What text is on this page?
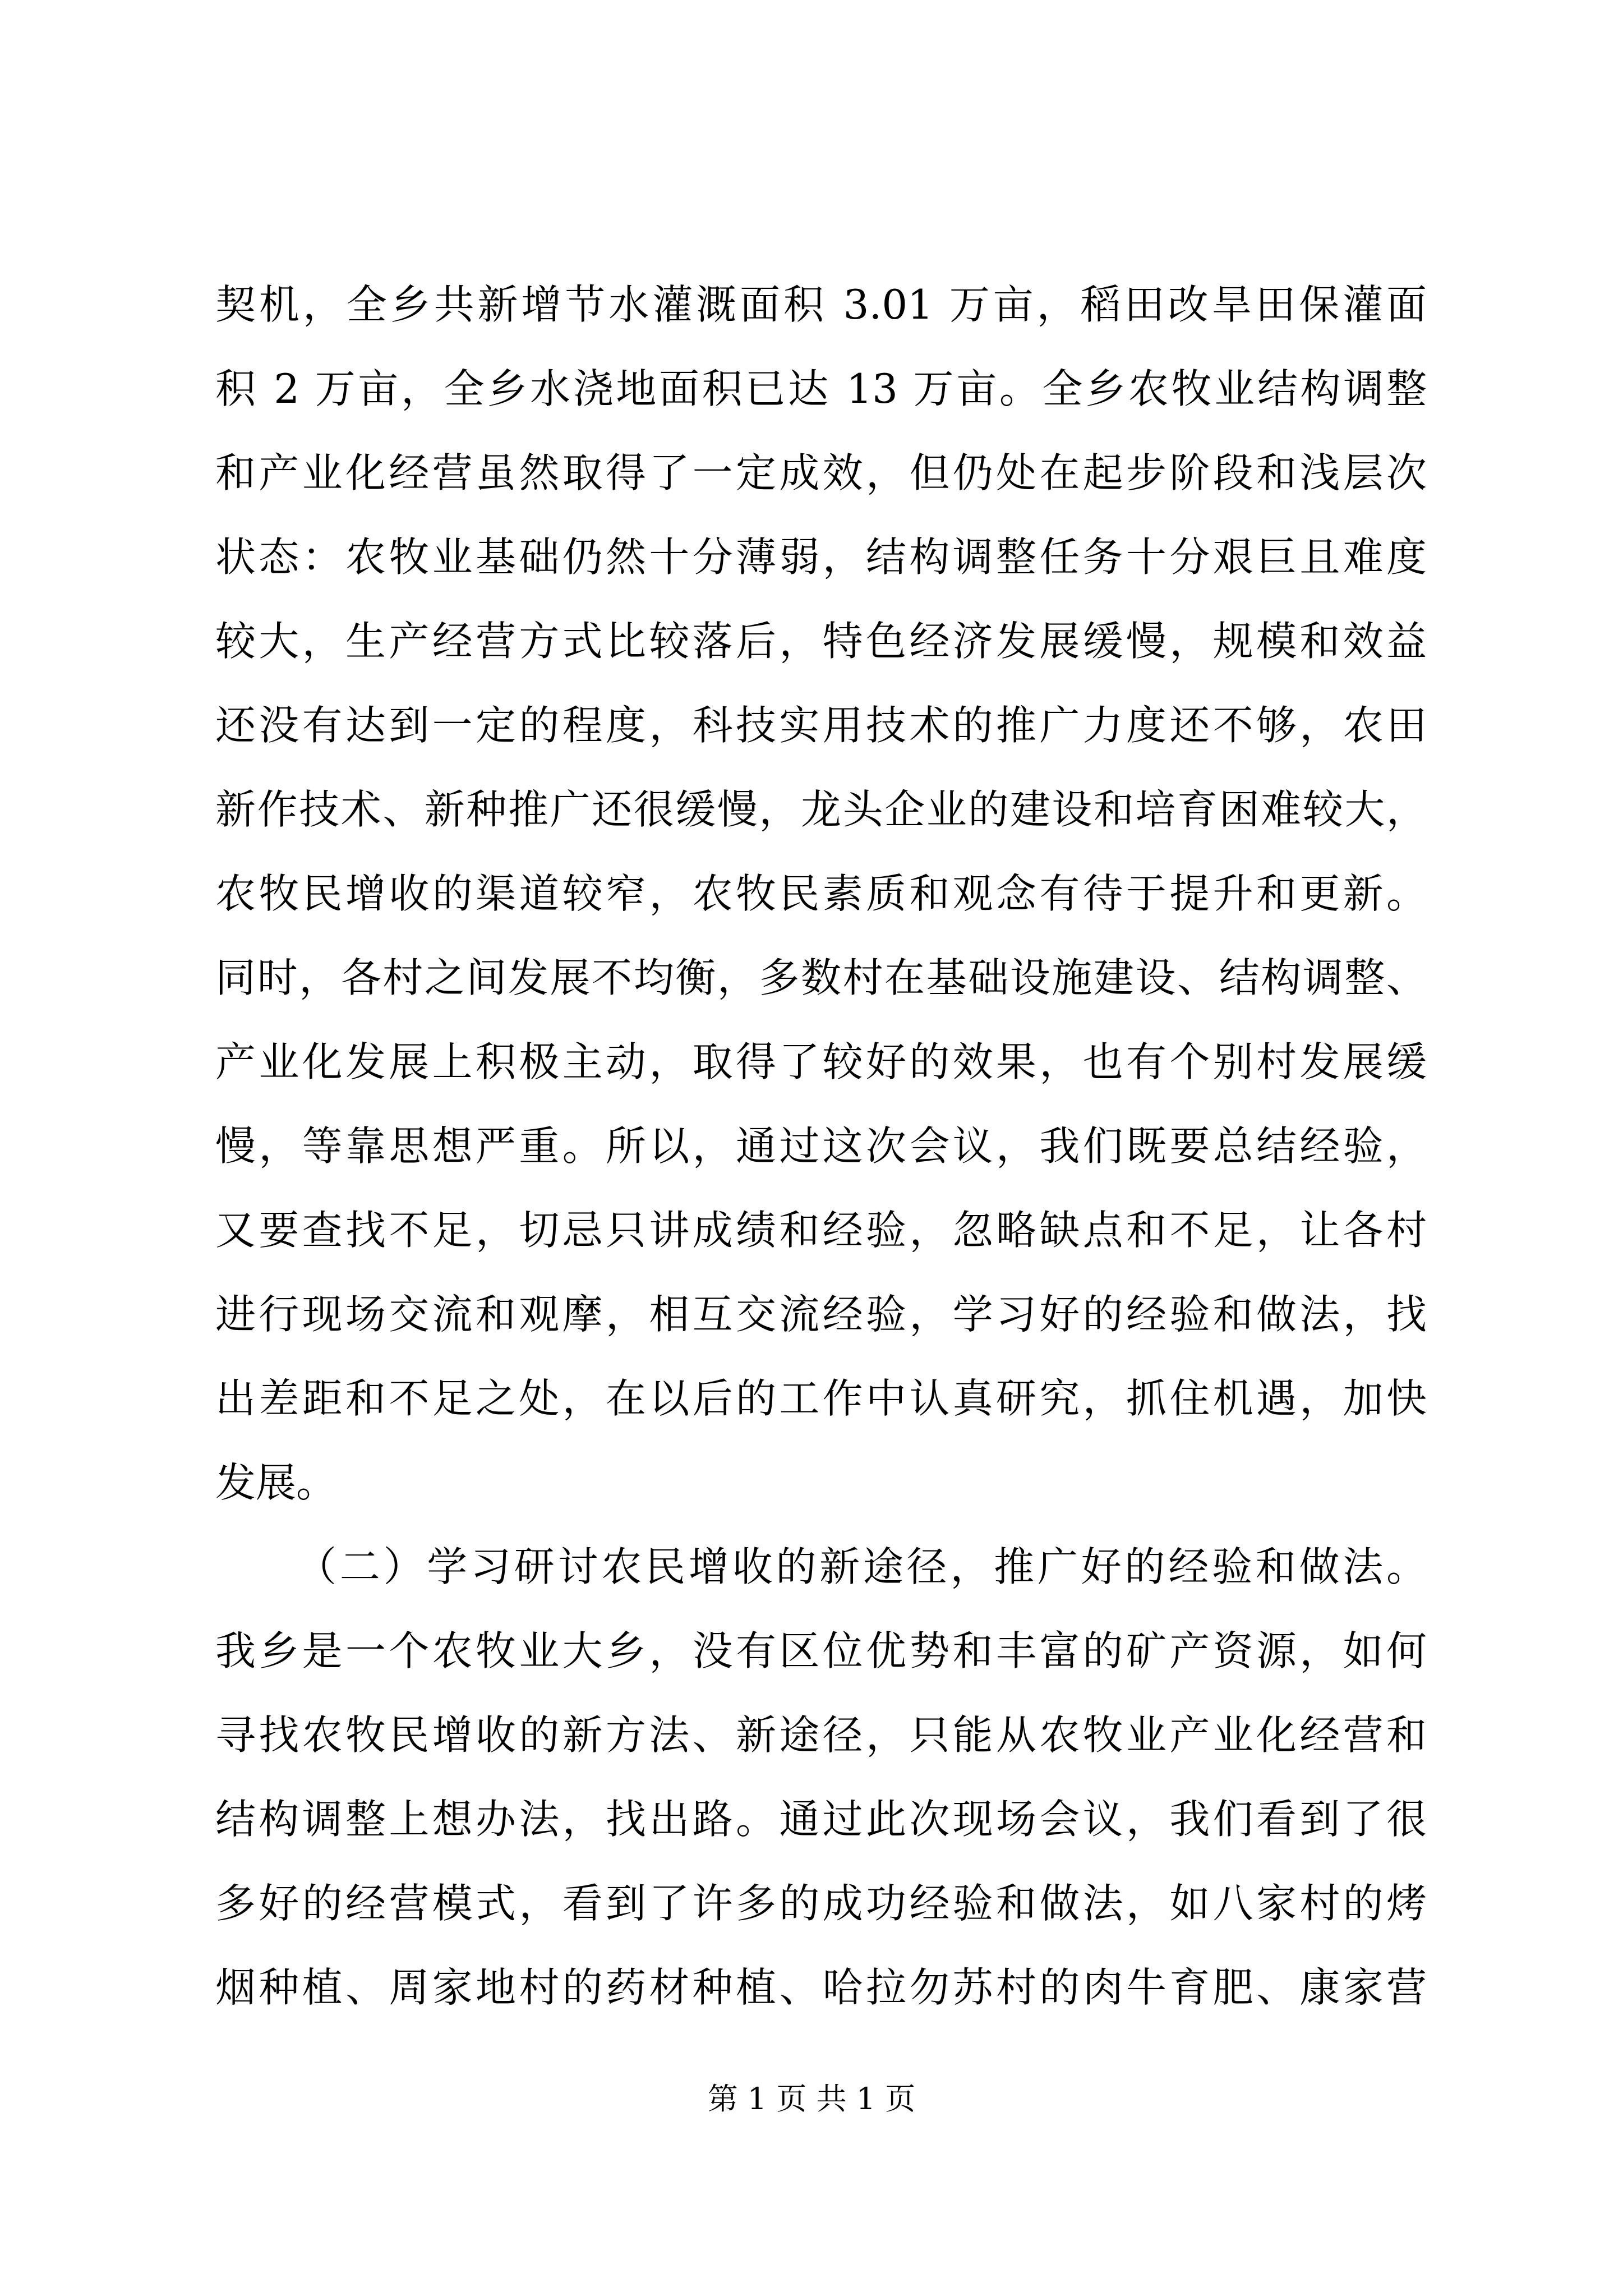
契机，全乡共新增节水灌溉面积 3.01 万亩，稻田改旱田保灌面
积 2 万亩，全乡水浇地面积已达 13 万亩。全乡农牧业结构调整
和产业化经营虽然取得了一定成效，但仍处在起步阶段和浅层次
状态：农牧业基础仍然十分薄弱，结构调整任务十分艰巨且难度
较大，生产经营方式比较落后，特色经济发展缓慢，规模和效益
还没有达到一定的程度，科技实用技术的推广力度还不够，农田
新作技术、新种推广还很缓慢，龙头企业的建设和培育困难较大，
农牧民增收的渠道较窄，农牧民素质和观念有待于提升和更新。
同时，各村之间发展不均衡，多数村在基础设施建设、结构调整、
产业化发展上积极主动，取得了较好的效果，也有个别村发展缓
慢，等靠思想严重。所以，通过这次会议，我们既要总结经验，
又要查找不足，切忌只讲成绩和经验，忽略缺点和不足，让各村
进行现场交流和观摩，相互交流经验，学习好的经验和做法，找
出差距和不足之处，在以后的工作中认真研究，抓住机遇，加快
发展。
（二）学习研讨农民增收的新途径，推广好的经验和做法。
我乡是一个农牧业大乡，没有区位优势和丰富的矿产资源，如何
寻找农牧民增收的新方法、新途径，只能从农牧业产业化经营和
结构调整上想办法，找出路。通过此次现场会议，我们看到了很
多好的经营模式，看到了许多的成功经验和做法，如八家村的烤
烟种植、周家地村的药材种植、哈拉勿苏村的肉牛育肥、康家营
第 1 页 共 1 页
